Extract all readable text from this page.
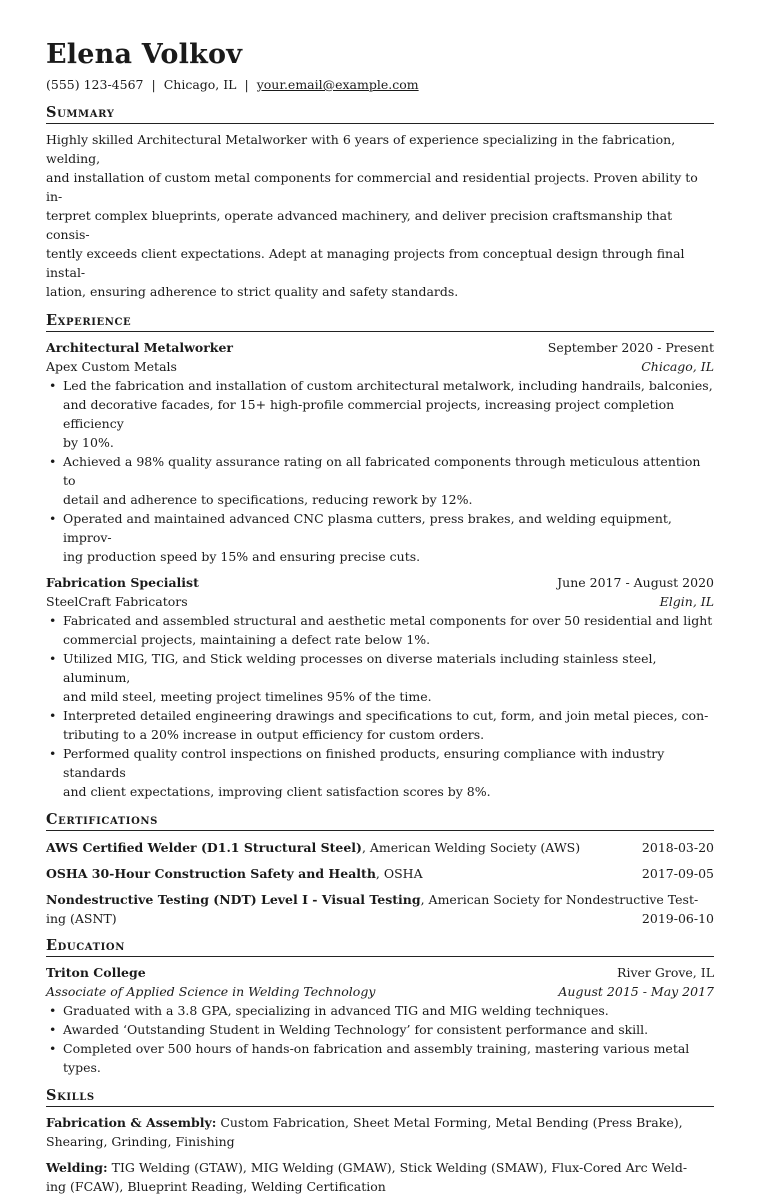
Elena Volkov
(555) 123-4567 | Chicago, IL | your.email@example.com
Summary

Highly skilled Architectural Metalworker with 6 years of experience specializing in the fabrication, welding,

and installation of custom metal components for commercial and residential projects. Proven ability to in-

terpret complex blueprints, operate advanced machinery, and deliver precision craftsmanship that consis-

tently exceeds client expectations. Adept at managing projects from conceptual design through final instal-

lation, ensuring adherence to strict quality and safety standards.

Experience
Architectural Metalworker	September 2020 - Present
Apex Custom Metals	Chicago, IL
• Led the fabrication and installation of custom architectural metalwork, including handrails, balconies,
and decorative facades, for 15+ high-profile commercial projects, increasing project completion efficiency
by 10%.
• Achieved a 98% quality assurance rating on all fabricated components through meticulous attention to
detail and adherence to specifications, reducing rework by 12%.
• Operated and maintained advanced CNC plasma cutters, press brakes, and welding equipment, improv-
ing production speed by 15% and ensuring precise cuts.
Fabrication Specialist	June 2017 - August 2020
SteelCraft Fabricators	Elgin, IL
• Fabricated and assembled structural and aesthetic metal components for over 50 residential and light
commercial projects, maintaining a defect rate below 1%.
• Utilized MIG, TIG, and Stick welding processes on diverse materials including stainless steel, aluminum,
and mild steel, meeting project timelines 95% of the time.
• Interpreted detailed engineering drawings and specifications to cut, form, and join metal pieces, con-
tributing to a 20% increase in output efficiency for custom orders.
• Performed quality control inspections on finished products, ensuring compliance with industry standards
and client expectations, improving client satisfaction scores by 8%.
Certifications
AWS Certified Welder (D1.1 Structural Steel), American Welding Society (AWS)	2018-03-20
OSHA 30-Hour Construction Safety and Health, OSHA	2017-09-05
Nondestructive Testing (NDT) Level I - Visual Testing, American Society for Nondestructive Test-
ing (ASNT)	2019-06-10
Education
Triton College	River Grove, IL
Associate of Applied Science in Welding Technology	August 2015 - May 2017
• Graduated with a 3.8 GPA, specializing in advanced TIG and MIG welding techniques.
• Awarded ‘Outstanding Student in Welding Technology’ for consistent performance and skill.
• Completed over 500 hours of hands-on fabrication and assembly training, mastering various metal types.
Skills
Fabrication & Assembly: Custom Fabrication, Sheet Metal Forming, Metal Bending (Press Brake),
Shearing, Grinding, Finishing
Welding: TIG Welding (GTAW), MIG Welding (GMAW), Stick Welding (SMAW), Flux-Cored Arc Weld-
ing (FCAW), Blueprint Reading, Welding Certification
